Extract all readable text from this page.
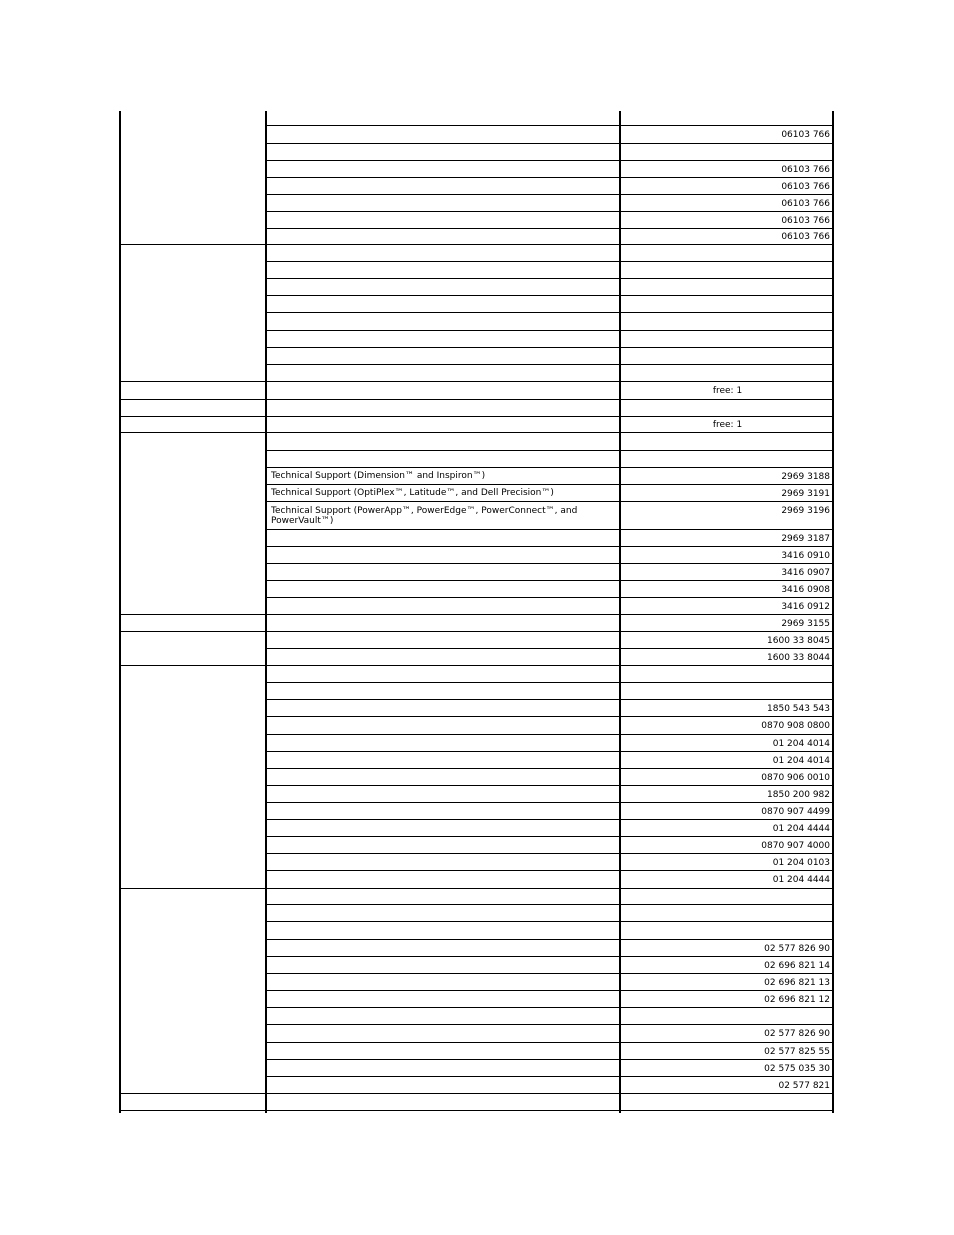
06103 766
06103 766
06103 766
06103 766
06103 766
06103 766
free: 1
free: 1
Technical Support (Dimension™ and Inspiron™)	2969 3188
Technical Support (OptiPlex™, Latitude™, and Dell Precision™)	2969 3191
Technical Support (PowerApp™, PowerEdge™, PowerConnect™, and PowerVault™)
2969 3196
2969 3187
3416 0910
3416 0907
3416 0908
3416 0912
2969 3155
1600 33 8045
1600 33 8044
1850 543 543
0870 908 0800
01 204 4014
01 204 4014
0870 906 0010
1850 200 982
0870 907 4499
01 204 4444
0870 907 4000
01 204 0103
01 204 4444
02 577 826 90
02 696 821 14
02 696 821 13
02 696 821 12
02 577 826 90
02 577 825 55
02 575 035 30
02 577 821
